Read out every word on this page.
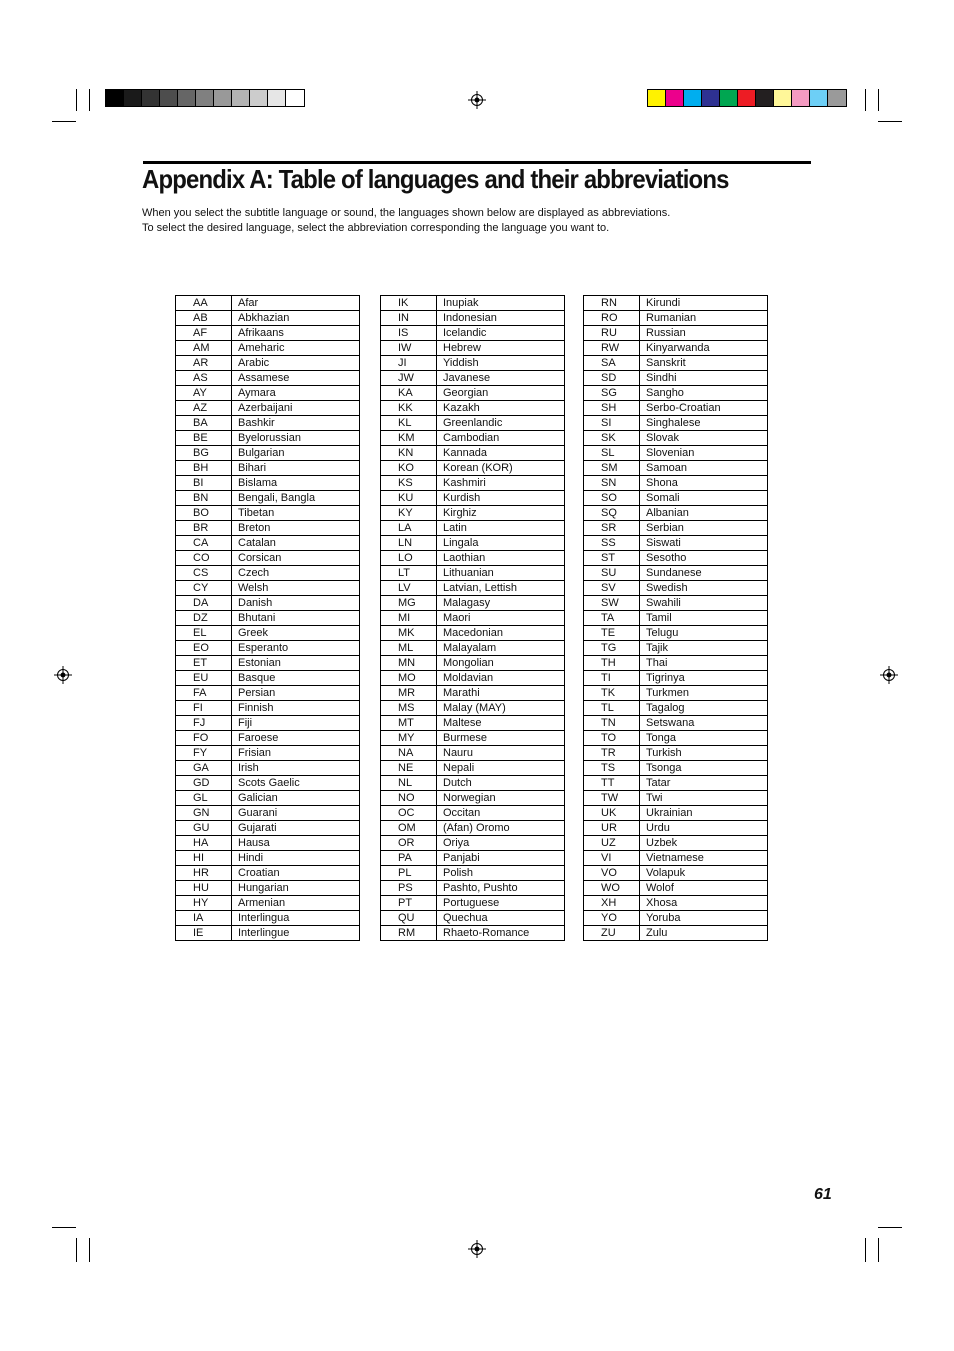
Appendix A: Table of languages and their abbreviations

When you select the subtitle language or sound, the languages shown below are displayed as abbreviations.

To select the desired language, select the abbreviation corresponding the language you want to.

AA	Afar
AB	Abkhazian
AF	Afrikaans
AM	Ameharic
AR	Arabic
AS	Assamese
AY	Aymara
AZ	Azerbaijani
BA	Bashkir
BE	Byelorussian
BG	Bulgarian
BH	Bihari
BI	Bislama
BN	Bengali, Bangla
BO	Tibetan
BR	Breton
CA	Catalan
CO	Corsican
CS	Czech
CY	Welsh
DA	Danish
DZ	Bhutani
EL	Greek
EO	Esperanto
ET	Estonian
EU	Basque
FA	Persian
FI	Finnish
FJ	Fiji
FO	Faroese
FY	Frisian
GA	Irish
GD	Scots Gaelic
GL	Galician
GN	Guarani
GU	Gujarati
HA	Hausa
HI	Hindi
HR	Croatian
HU	Hungarian
HY	Armenian
IA	Interlingua
IE	Interlingue
IK	Inupiak
IN	Indonesian
IS	Icelandic
IW	Hebrew
JI	Yiddish
JW	Javanese
KA	Georgian
KK	Kazakh
KL	Greenlandic
KM	Cambodian
KN	Kannada
KO	Korean (KOR)
KS	Kashmiri
KU	Kurdish
KY	Kirghiz
LA	Latin
LN	Lingala
LO	Laothian
LT	Lithuanian
LV	Latvian, Lettish
MG	Malagasy
MI	Maori
MK	Macedonian
ML	Malayalam
MN	Mongolian
MO	Moldavian
MR	Marathi
MS	Malay (MAY)
MT	Maltese
MY	Burmese
NA	Nauru
NE	Nepali
NL	Dutch
NO	Norwegian
OC	Occitan
OM	(Afan) Oromo
OR	Oriya
PA	Panjabi
PL	Polish
PS	Pashto, Pushto
PT	Portuguese
QU	Quechua
RM	Rhaeto-Romance
RN	Kirundi
RO	Rumanian
RU	Russian
RW	Kinyarwanda
SA	Sanskrit
SD	Sindhi
SG	Sangho
SH	Serbo-Croatian
SI	Singhalese
SK	Slovak
SL	Slovenian
SM	Samoan
SN	Shona
SO	Somali
SQ	Albanian
SR	Serbian
SS	Siswati
ST	Sesotho
SU	Sundanese
SV	Swedish
SW	Swahili
TA	Tamil
TE	Telugu
TG	Tajik
TH	Thai
TI	Tigrinya
TK	Turkmen
TL	Tagalog
TN	Setswana
TO	Tonga
TR	Turkish
TS	Tsonga
TT	Tatar
TW	Twi
UK	Ukrainian
UR	Urdu
UZ	Uzbek
VI	Vietnamese
VO	Volapuk
WO	Wolof
XH	Xhosa
YO	Yoruba
ZU	Zulu

61
